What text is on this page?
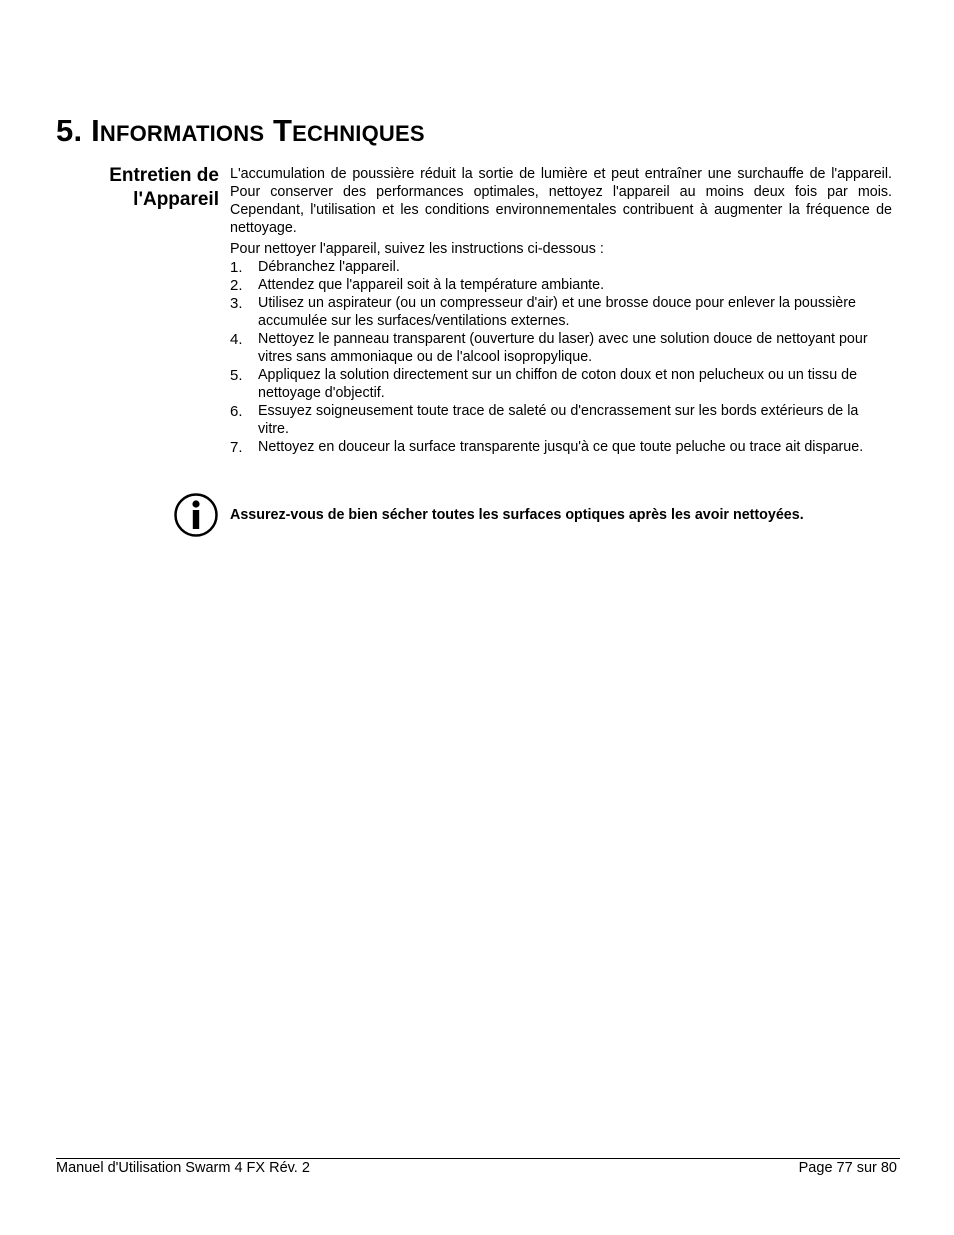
5. Informations Techniques
Entretien de
l'Appareil

L'accumulation de poussière réduit la sortie de lumière et peut entraîner une surchauffe de l'appareil. Pour conserver des performances optimales, nettoyez l'appareil au moins deux fois par mois. Cependant, l'utilisation et les conditions environnementales contribuent à augmenter la fréquence de nettoyage.

Pour nettoyer l'appareil, suivez les instructions ci-dessous :

1. Débranchez l'appareil.
2. Attendez que l'appareil soit à la température ambiante.
3. Utilisez un aspirateur (ou un compresseur d'air) et une brosse douce pour enlever la poussière accumulée sur les surfaces/ventilations externes.
4. Nettoyez le panneau transparent (ouverture du laser) avec une solution douce de nettoyant pour vitres sans ammoniaque ou de l'alcool isopropylique.
5. Appliquez la solution directement sur un chiffon de coton doux et non pelucheux ou un tissu de nettoyage d'objectif.
6. Essuyez soigneusement toute trace de saleté ou d'encrassement sur les bords extérieurs de la vitre.
7. Nettoyez en douceur la surface transparente jusqu'à ce que toute peluche ou trace ait disparue.
Assurez-vous de bien sécher toutes les surfaces optiques après les avoir nettoyées.
Manuel d'Utilisation Swarm 4 FX Rév. 2	Page 77 sur 80
